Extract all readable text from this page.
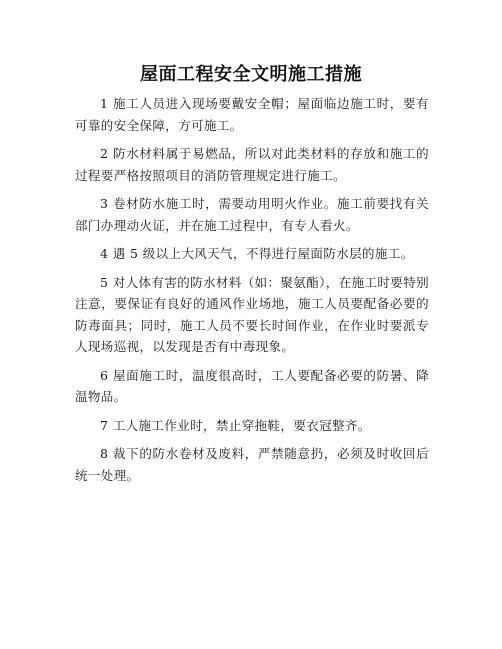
屋面工程安全文明施工措施

1 施工人员进入现场要戴安全帽；屋面临边施工时，要有可靠的安全保障，方可施工。

2 防水材料属于易燃品，所以对此类材料的存放和施工的过程要严格按照项目的消防管理规定进行施工。

3 卷材防水施工时，需要动用明火作业。施工前要找有关部门办理动火证，并在施工过程中，有专人看火。

4 遇 5 级以上大风天气，不得进行屋面防水层的施工。

5 对人体有害的防水材料（如：聚氨酯），在施工时要特别注意，要保证有良好的通风作业场地，施工人员要配备必要的防毒面具；同时，施工人员不要长时间作业，在作业时要派专人现场巡视，以发现是否有中毒现象。

6 屋面施工时，温度很高时，工人要配备必要的防暑、降温物品。

7 工人施工作业时，禁止穿拖鞋，要衣冠整齐。

8 裁下的防水卷材及废料，严禁随意扔，必须及时收回后统一处理。
